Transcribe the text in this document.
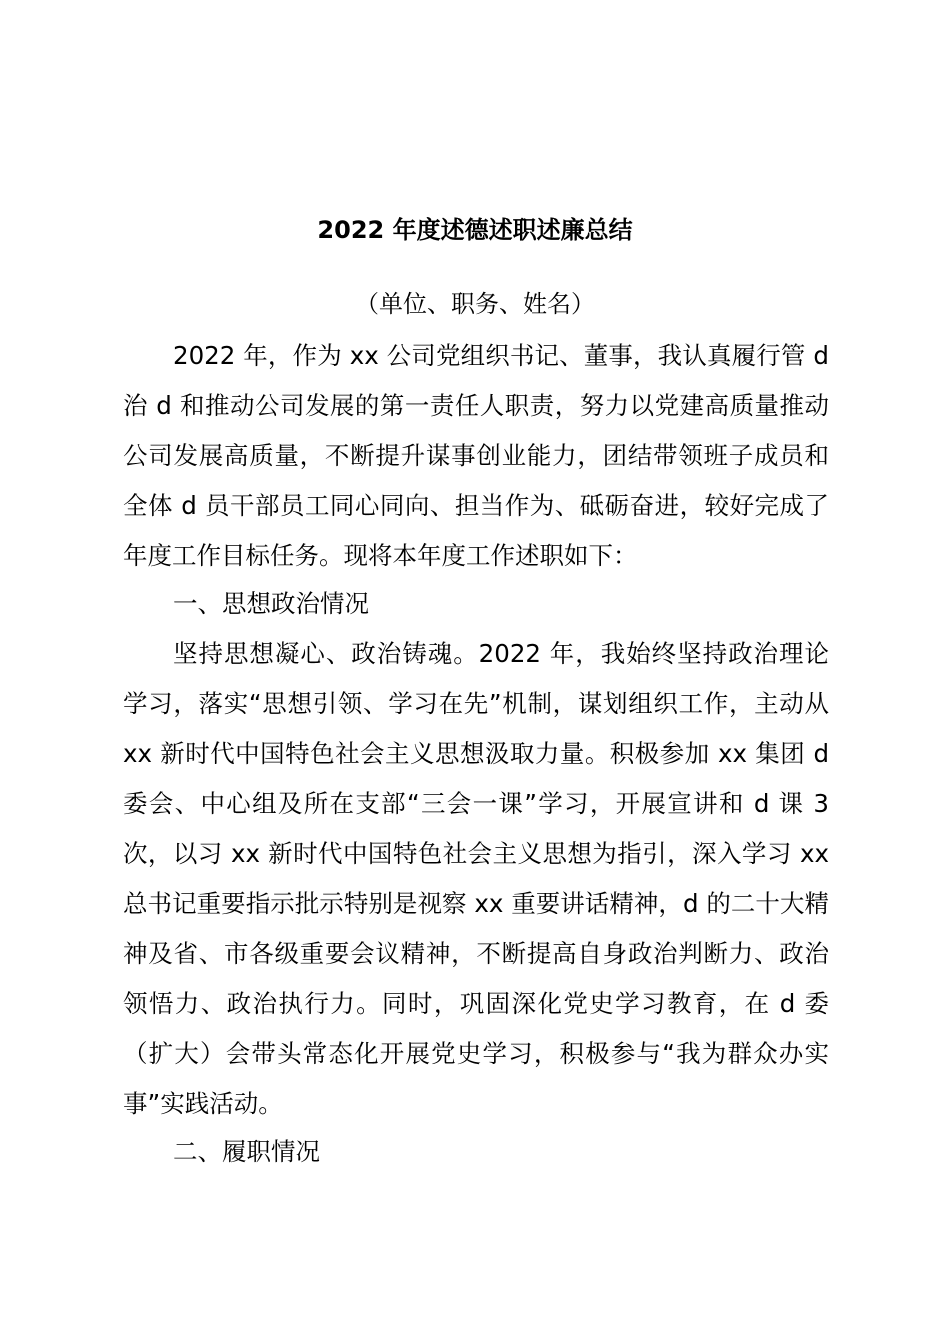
2022 年度述德述职述廉总结
（单位、职务、姓名）

2022 年，作为 xx 公司党组织书记、董事，我认真履行管 d 治 d 和推动公司发展的第一责任人职责，努力以党建高质量推动公司发展高质量，不断提升谋事创业能力，团结带领班子成员和全体 d 员干部员工同心同向、担当作为、砥砺奋进，较好完成了年度工作目标任务。现将本年度工作述职如下：

一、思想政治情况

坚持思想凝心、政治铸魂。2022 年，我始终坚持政治理论学习，落实“思想引领、学习在先”机制，谋划组织工作，主动从 xx 新时代中国特色社会主义思想汲取力量。积极参加 xx 集团 d 委会、中心组及所在支部“三会一课”学习，开展宣讲和 d 课 3 次，以习 xx 新时代中国特色社会主义思想为指引，深入学习 xx 总书记重要指示批示特别是视察 xx 重要讲话精神，d 的二十大精神及省、市各级重要会议精神，不断提高自身政治判断力、政治领悟力、政治执行力。同时，巩固深化党史学习教育，在 d 委（扩大）会带头常态化开展党史学习，积极参与“我为群众办实事”实践活动。

二、履职情况
